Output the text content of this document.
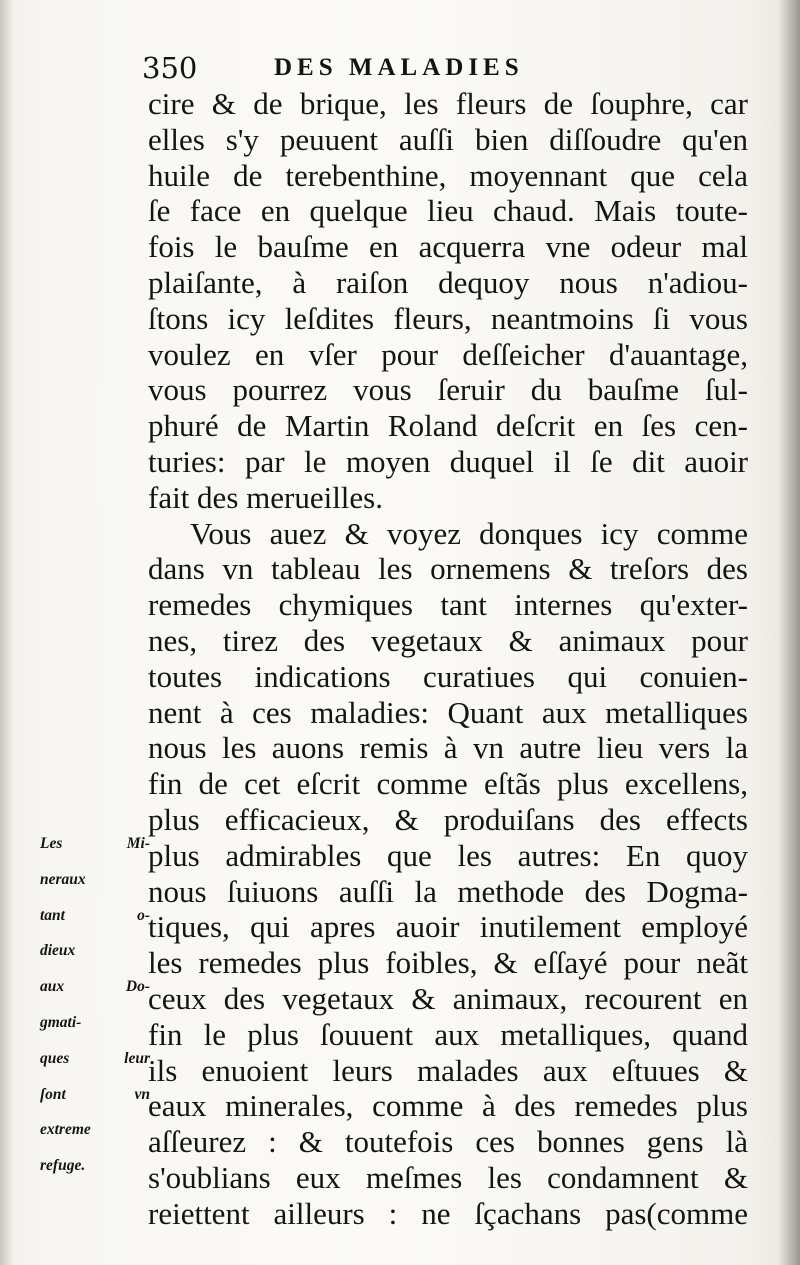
350	DES MALADIES
cire & de brique, les fleurs de ſouphre, car
elles s'y peuuent auſſi bien diſſoudre qu'en
huile de terebenthine, moyennant que cela
ſe face en quelque lieu chaud. Mais toute-
fois le bauſme en acquerra vne odeur mal
plaiſante, à raiſon dequoy nous n'adiou-
ſtons icy leſdites fleurs, neantmoins ſi vous
voulez en vſer pour deſſeicher d'auantage,
vous pourrez vous ſeruir du bauſme ſul-
phuré de Martin Roland deſcrit en ſes cen-
turies: par le moyen duquel il ſe dit auoir
fait des merueilles.
Vous auez & voyez donques icy comme
dans vn tableau les ornemens & treſors des
remedes chymiques tant internes qu'exter-
nes, tirez des vegetaux & animaux pour
toutes indications curatiues qui conuien-
nent à ces maladies: Quant aux metalliques
nous les auons remis à vn autre lieu vers la
fin de cet eſcrit comme eſtãs plus excellens,
plus efficacieux, & produiſans des effects
plus admirables que les autres: En quoy
nous ſuiuons auſſi la methode des Dogma-
tiques, qui apres auoir inutilement employé
les remedes plus foibles, & eſſayé pour neãt
ceux des vegetaux & animaux, recourent en
fin le plus ſouuent aux metalliques, quand
ils enuoient leurs malades aux eſtuues &
eaux minerales, comme à des remedes plus
aſſeurez : & toutefois ces bonnes gens là
s'oublians eux meſmes les condamnent &
reiettent ailleurs : ne ſçachans pas(comme
Les Mi-
neraux
tant o-
dieux
aux Do-
gmati-
ques leur
ſont vn
extreme
refuge.
